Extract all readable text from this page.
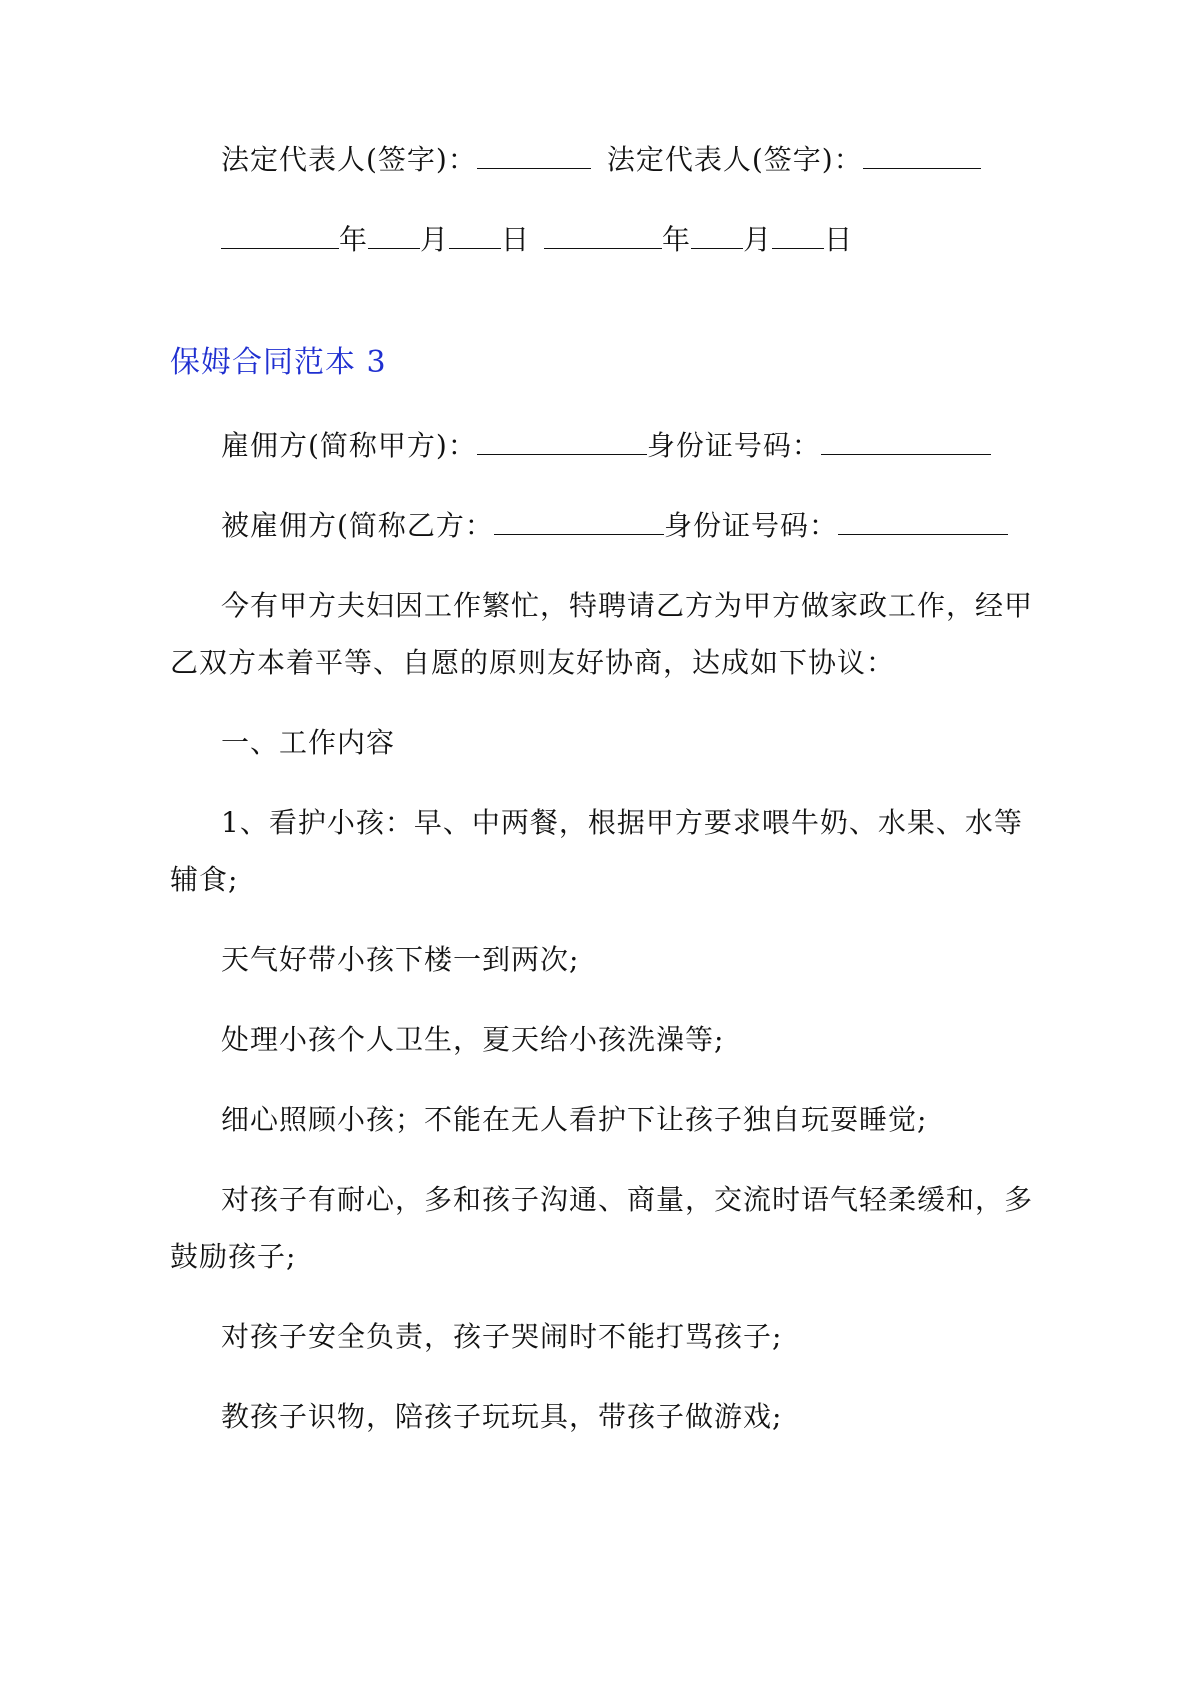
法定代表人(签字)：	法定代表人(签字)：
年 月 日	年 月 日
保姆合同范本 3
雇佣方(简称甲方)：	身份证号码：
被雇佣方(简称乙方：	身份证号码：
今有甲方夫妇因工作繁忙，特聘请乙方为甲方做家政工作，经甲
乙双方本着平等、自愿的原则友好协商，达成如下协议：
一、工作内容
1、看护小孩：早、中两餐，根据甲方要求喂牛奶、水果、水等
辅食;
天气好带小孩下楼一到两次;
处理小孩个人卫生，夏天给小孩洗澡等;
细心照顾小孩；不能在无人看护下让孩子独自玩耍睡觉;
对孩子有耐心，多和孩子沟通、商量，交流时语气轻柔缓和，多
鼓励孩子;
对孩子安全负责，孩子哭闹时不能打骂孩子;
教孩子识物，陪孩子玩玩具，带孩子做游戏;
